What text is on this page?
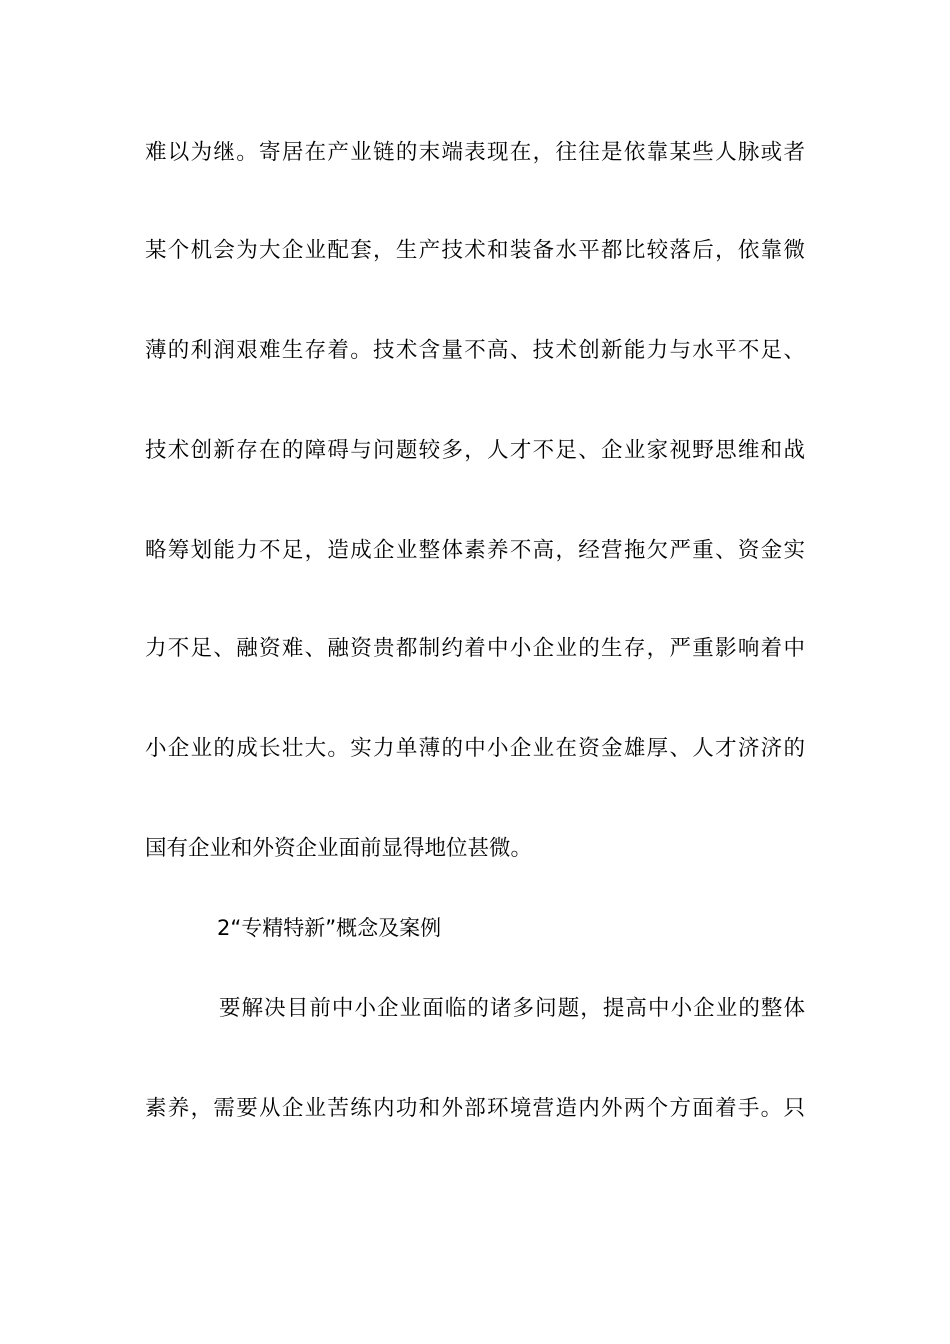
难以为继。寄居在产业链的末端表现在，往往是依靠某些人脉或者
某个机会为大企业配套，生产技术和装备水平都比较落后，依靠微
薄的利润艰难生存着。技术含量不高、技术创新能力与水平不足、
技术创新存在的障碍与问题较多，人才不足、企业家视野思维和战
略筹划能力不足，造成企业整体素养不高，经营拖欠严重、资金实
力不足、融资难、融资贵都制约着中小企业的生存，严重影响着中
小企业的成长壮大。实力单薄的中小企业在资金雄厚、人才济济的
国有企业和外资企业面前显得地位甚微。
2“专精特新”概念及案例
要解决目前中小企业面临的诸多问题，提高中小企业的整体
素养，需要从企业苦练内功和外部环境营造内外两个方面着手。只
